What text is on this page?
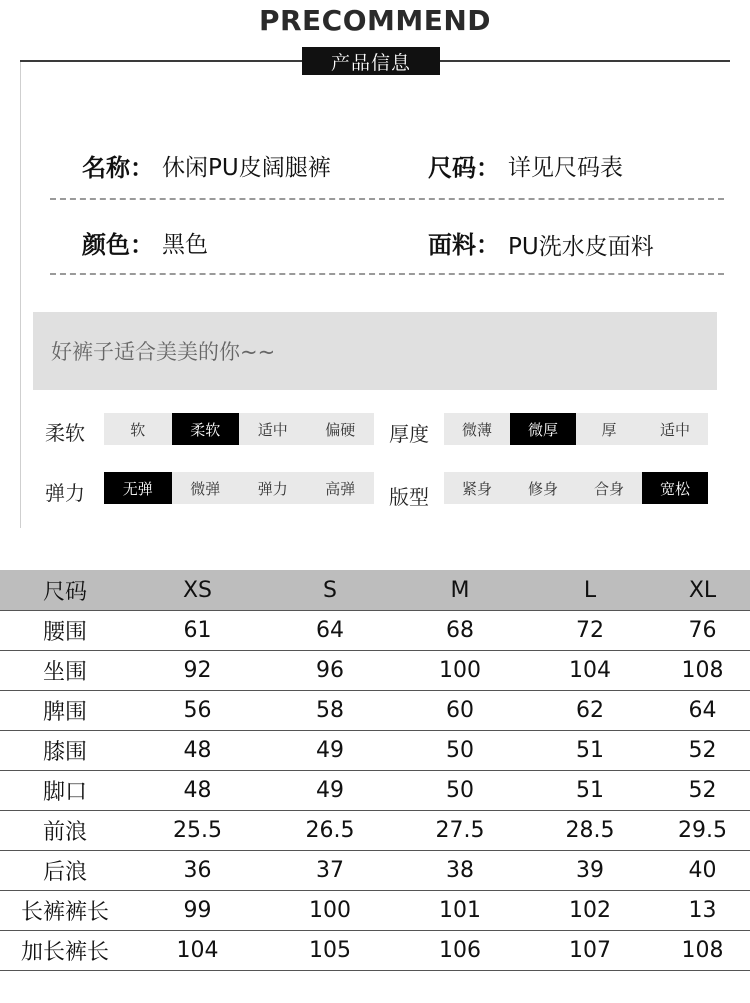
PRECOMMEND
产品信息
名称： 休闲PU皮阔腿裤	尺码： 详见尺码表
颜色： 黑色	面料： PU洗水皮面料
好裤子适合美美的你~~
柔软	软	柔软	适中	偏硬	厚度	微薄	微厚	厚	适中
弹力	无弹	微弹	弹力	高弹	版型	紧身	修身	合身	宽松
尺码	XS	S	M	L	XL
腰围	61	64	68	72	76
坐围	92	96	100	104	108
脾围	56	58	60	62	64
膝围	48	49	50	51	52
脚口	48	49	50	51	52
前浪	25.5	26.5	27.5	28.5	29.5
后浪	36	37	38	39	40
长裤裤长	99	100	101	102	13
加长裤长	104	105	106	107	108
